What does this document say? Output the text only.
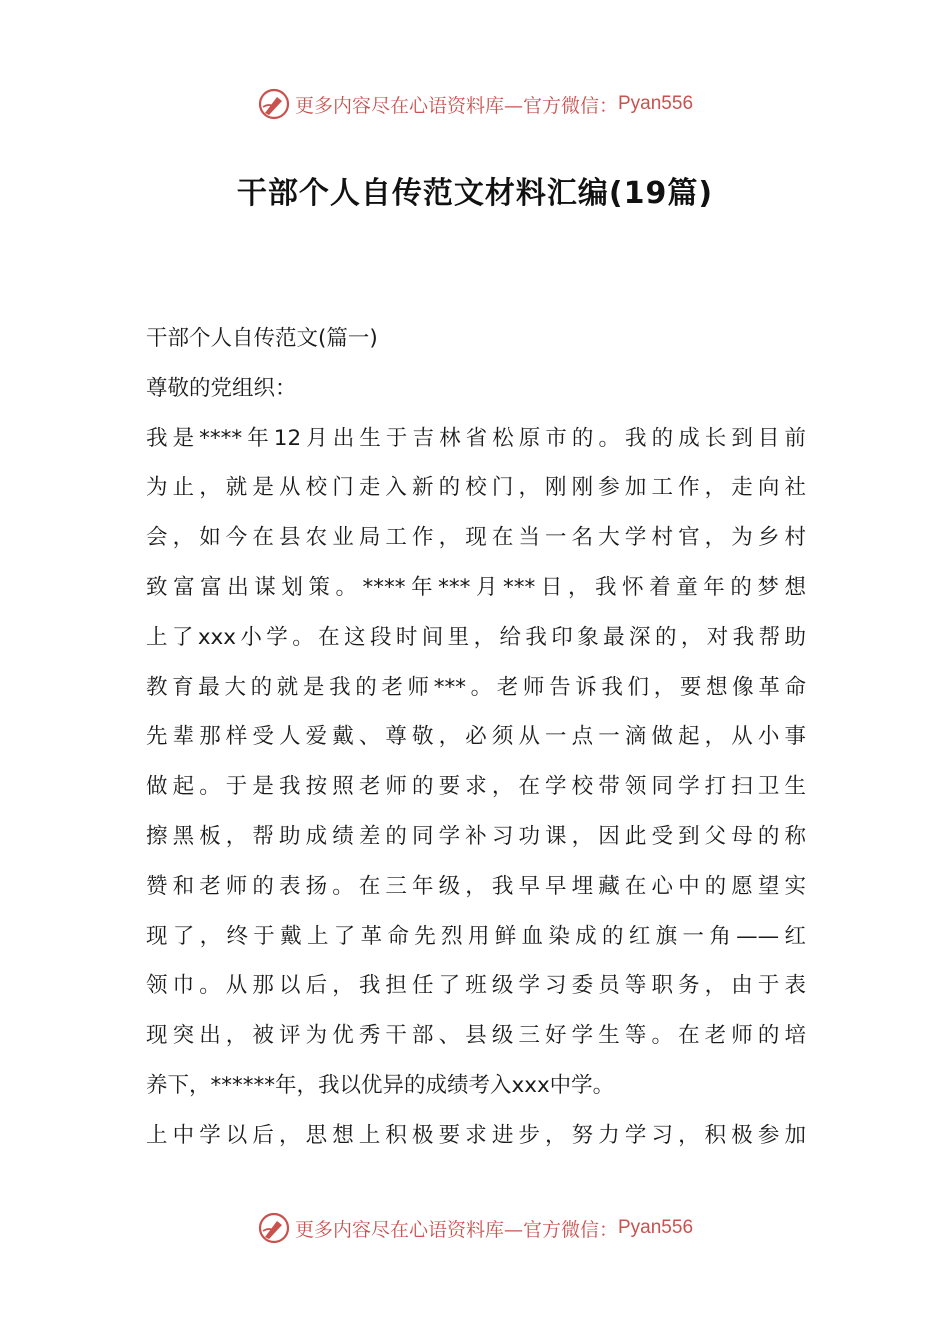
更多内容尽在心语资料库—官方微信： Pyan556
干部个人自传范文材料汇编(19篇)
干部个人自传范文(篇一)
尊敬的党组织：

我是****年12月出生于吉林省松原市的。我的成长到目前
为止，就是从校门走入新的校门，刚刚参加工作，走向社
会，如今在县农业局工作，现在当一名大学村官，为乡村
致富富出谋划策。****年***月***日，我怀着童年的梦想
上了xxx小学。在这段时间里，给我印象最深的，对我帮助
教育最大的就是我的老师***。老师告诉我们，要想像革命
先辈那样受人爱戴、尊敬，必须从一点一滴做起，从小事
做起。于是我按照老师的要求，在学校带领同学打扫卫生
擦黑板，帮助成绩差的同学补习功课，因此受到父母的称
赞和老师的表扬。在三年级，我早早埋藏在心中的愿望实
现了，终于戴上了革命先烈用鲜血染成的红旗一角——红
领巾。从那以后，我担任了班级学习委员等职务，由于表
现突出，被评为优秀干部、县级三好学生等。在老师的培
养下，******年，我以优异的成绩考入xxx中学。

上中学以后，思想上积极要求进步，努力学习，积极参加

更多内容尽在心语资料库—官方微信： Pyan556
